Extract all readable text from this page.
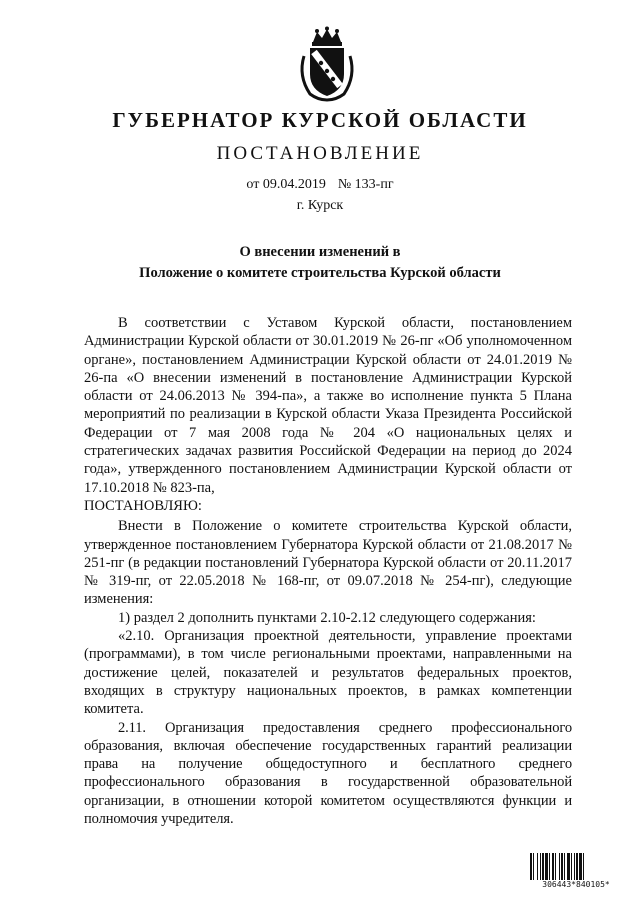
ГУБЕРНАТОР КУРСКОЙ ОБЛАСТИ
ПОСТАНОВЛЕНИЕ
от 09.04.2019 № 133-пг
г. Курск
О внесении изменений в
Положение о комитете строительства Курской области

В соответствии с Уставом Курской области, постановлением Администрации Курской области от 30.01.2019 № 26-пг «Об уполномоченном органе», постановлением Администрации Курской области от 24.01.2019 № 26-па «О внесении изменений в постановление Администрации Курской области от 24.06.2013 № 394-па», а также во исполнение пункта 5 Плана мероприятий по реализации в Курской области Указа Президента Российской Федерации от 7 мая 2008 года № 204 «О национальных целях и стратегических задачах развития Российской Федерации на период до 2024 года», утвержденного постановлением Администрации Курской области от 17.10.2018 № 823-па,

ПОСТАНОВЛЯЮ:

Внести в Положение о комитете строительства Курской области, утвержденное постановлением Губернатора Курской области от 21.08.2017 № 251-пг (в редакции постановлений Губернатора Курской области от 20.11.2017 № 319-пг, от 22.05.2018 № 168-пг, от 09.07.2018 № 254-пг), следующие изменения:

1) раздел 2 дополнить пунктами 2.10-2.12 следующего содержания:

«2.10. Организация проектной деятельности, управление проектами (программами), в том числе региональными проектами, направленными на достижение целей, показателей и результатов федеральных проектов, входящих в структуру национальных проектов, в рамках компетенции комитета.

2.11. Организация предоставления среднего профессионального образования, включая обеспечение государственных гарантий реализации права на получение общедоступного и бесплатного среднего профессионального образования в государственной образовательной организации, в отношении которой комитетом осуществляются функции и полномочия учредителя.

306443*840105*
